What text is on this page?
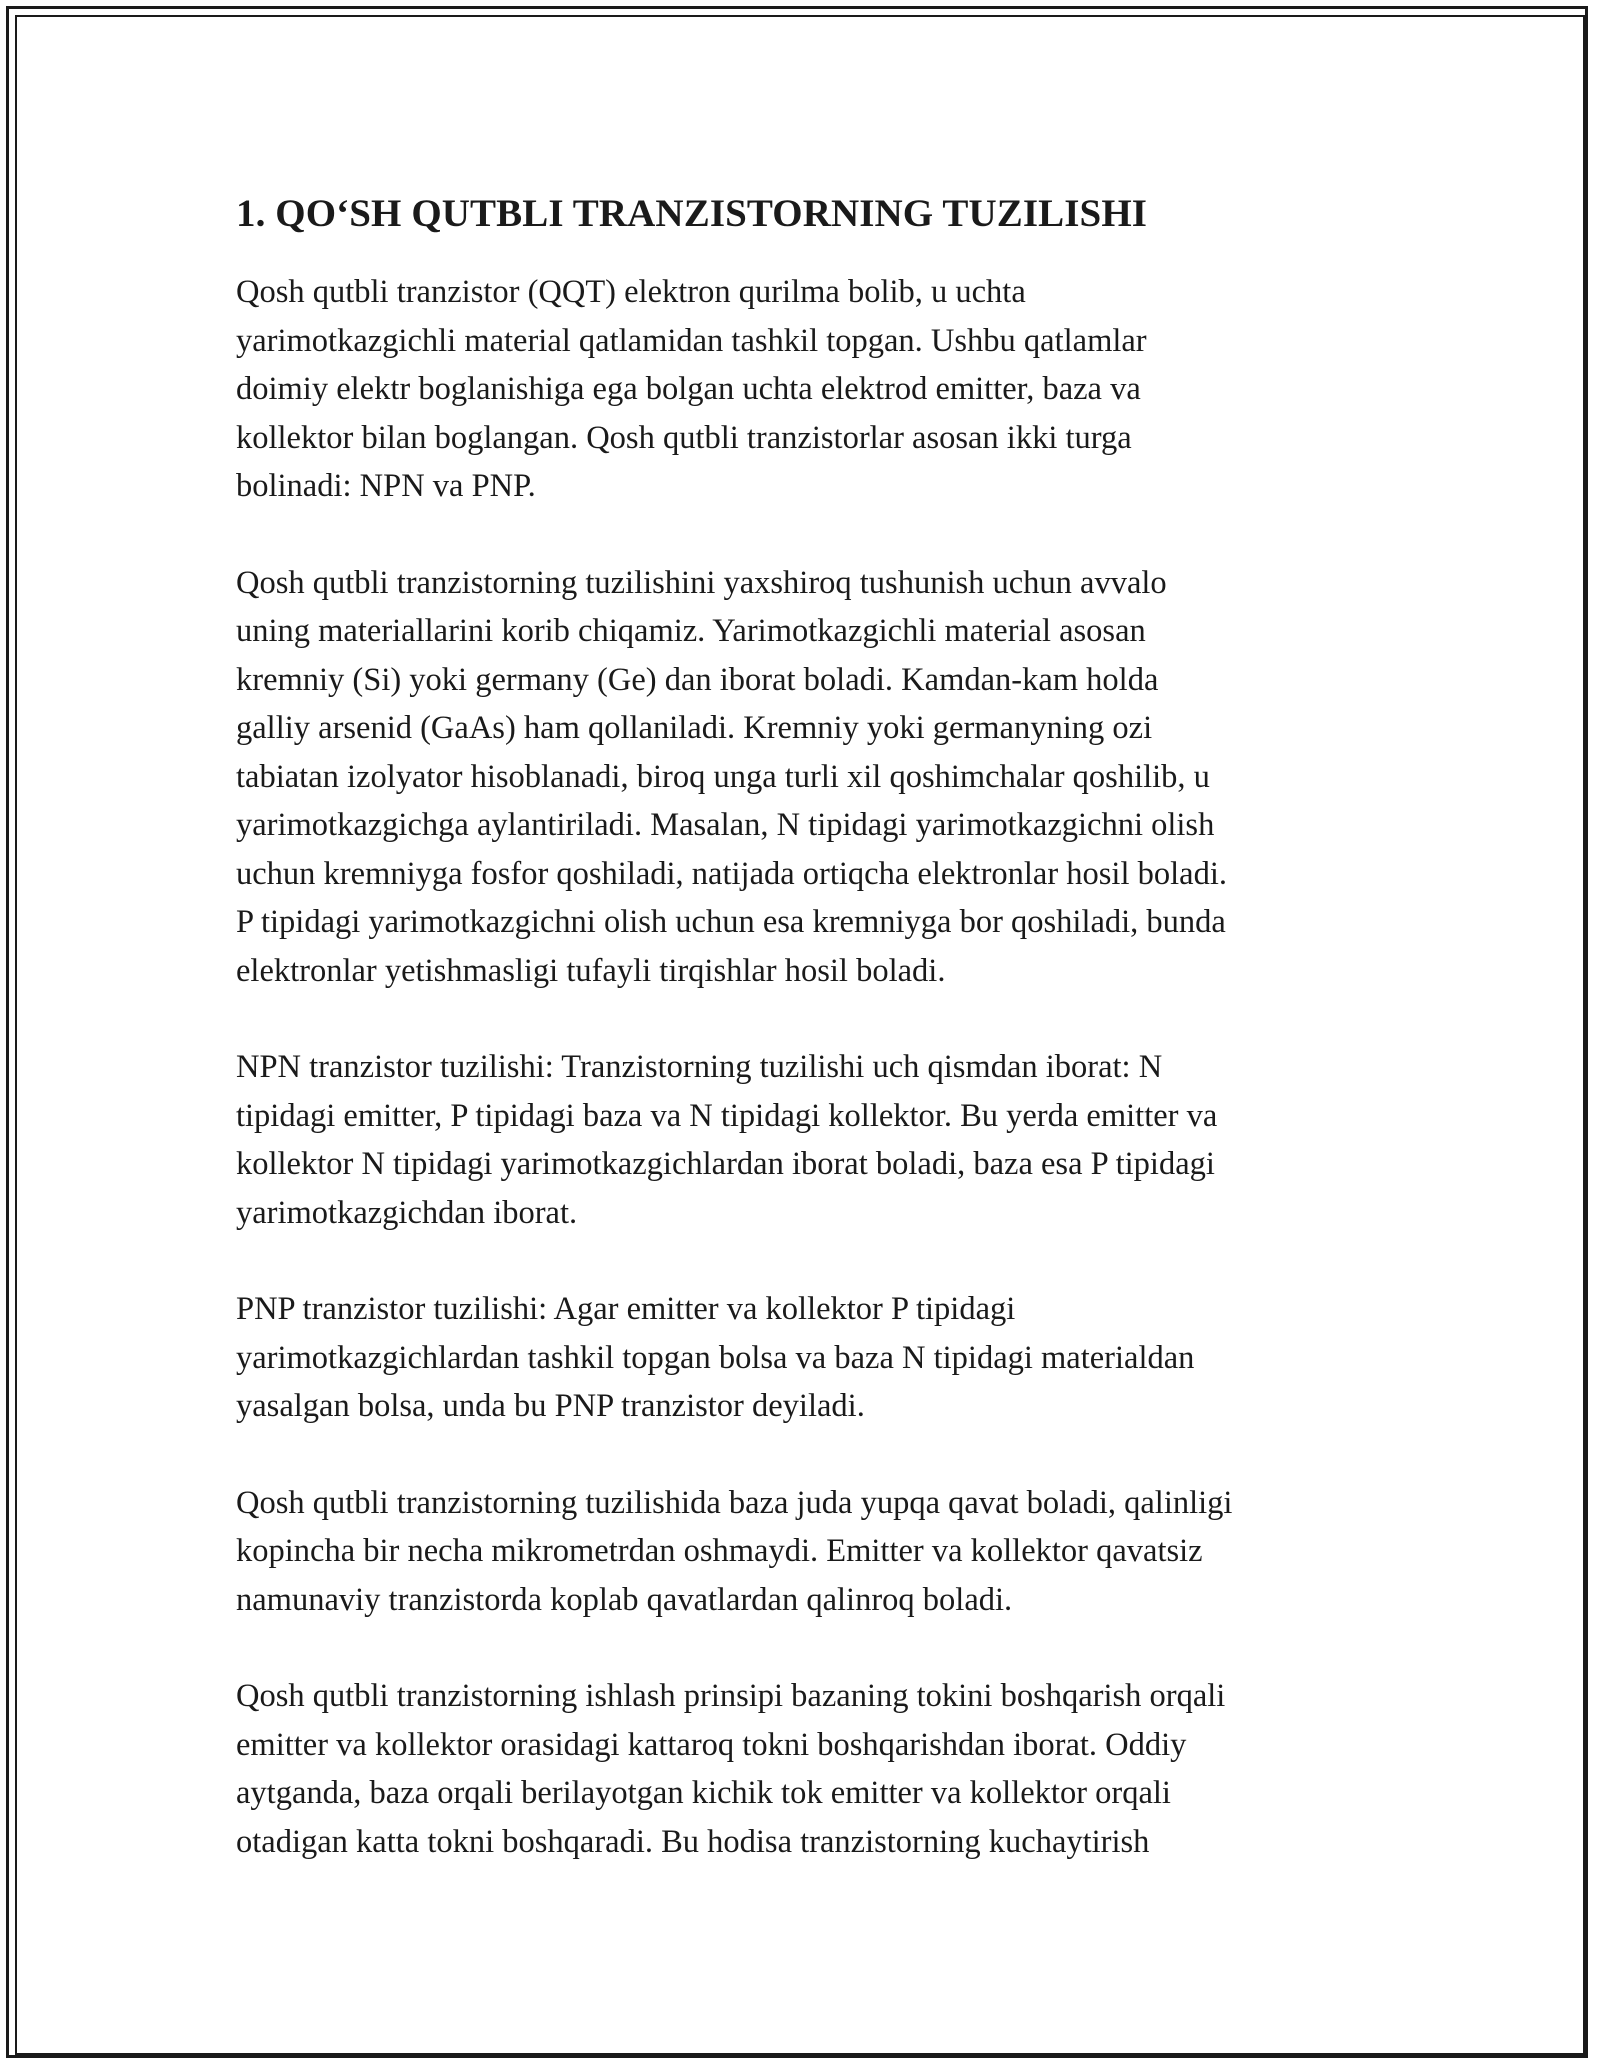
1. QO‘SH QUTBLI TRANZISTORNING TUZILISHI

Qosh qutbli tranzistor (QQT) elektron qurilma bolib, u uchta
yarimotkazgichli material qatlamidan tashkil topgan. Ushbu qatlamlar
doimiy elektr boglanishiga ega bolgan uchta elektrod emitter, baza va
kollektor bilan boglangan. Qosh qutbli tranzistorlar asosan ikki turga
bolinadi: NPN va PNP.

Qosh qutbli tranzistorning tuzilishini yaxshiroq tushunish uchun avvalo
uning materiallarini korib chiqamiz. Yarimotkazgichli material asosan
kremniy (Si) yoki germany (Ge) dan iborat boladi. Kamdan-kam holda
galliy arsenid (GaAs) ham qollaniladi. Kremniy yoki germanyning ozi
tabiatan izolyator hisoblanadi, biroq unga turli xil qoshimchalar qoshilib, u
yarimotkazgichga aylantiriladi. Masalan, N tipidagi yarimotkazgichni olish
uchun kremniyga fosfor qoshiladi, natijada ortiqcha elektronlar hosil boladi.
P tipidagi yarimotkazgichni olish uchun esa kremniyga bor qoshiladi, bunda
elektronlar yetishmasligi tufayli tirqishlar hosil boladi.

NPN tranzistor tuzilishi: Tranzistorning tuzilishi uch qismdan iborat: N
tipidagi emitter, P tipidagi baza va N tipidagi kollektor. Bu yerda emitter va
kollektor N tipidagi yarimotkazgichlardan iborat boladi, baza esa P tipidagi
yarimotkazgichdan iborat.

PNP tranzistor tuzilishi: Agar emitter va kollektor P tipidagi
yarimotkazgichlardan tashkil topgan bolsa va baza N tipidagi materialdan
yasalgan bolsa, unda bu PNP tranzistor deyiladi.

Qosh qutbli tranzistorning tuzilishida baza juda yupqa qavat boladi, qalinligi
kopincha bir necha mikrometrdan oshmaydi. Emitter va kollektor qavatsiz
namunaviy tranzistorda koplab qavatlardan qalinroq boladi.

Qosh qutbli tranzistorning ishlash prinsipi bazaning tokini boshqarish orqali
emitter va kollektor orasidagi kattaroq tokni boshqarishdan iborat. Oddiy
aytganda, baza orqali berilayotgan kichik tok emitter va kollektor orqali
otadigan katta tokni boshqaradi. Bu hodisa tranzistorning kuchaytirish
